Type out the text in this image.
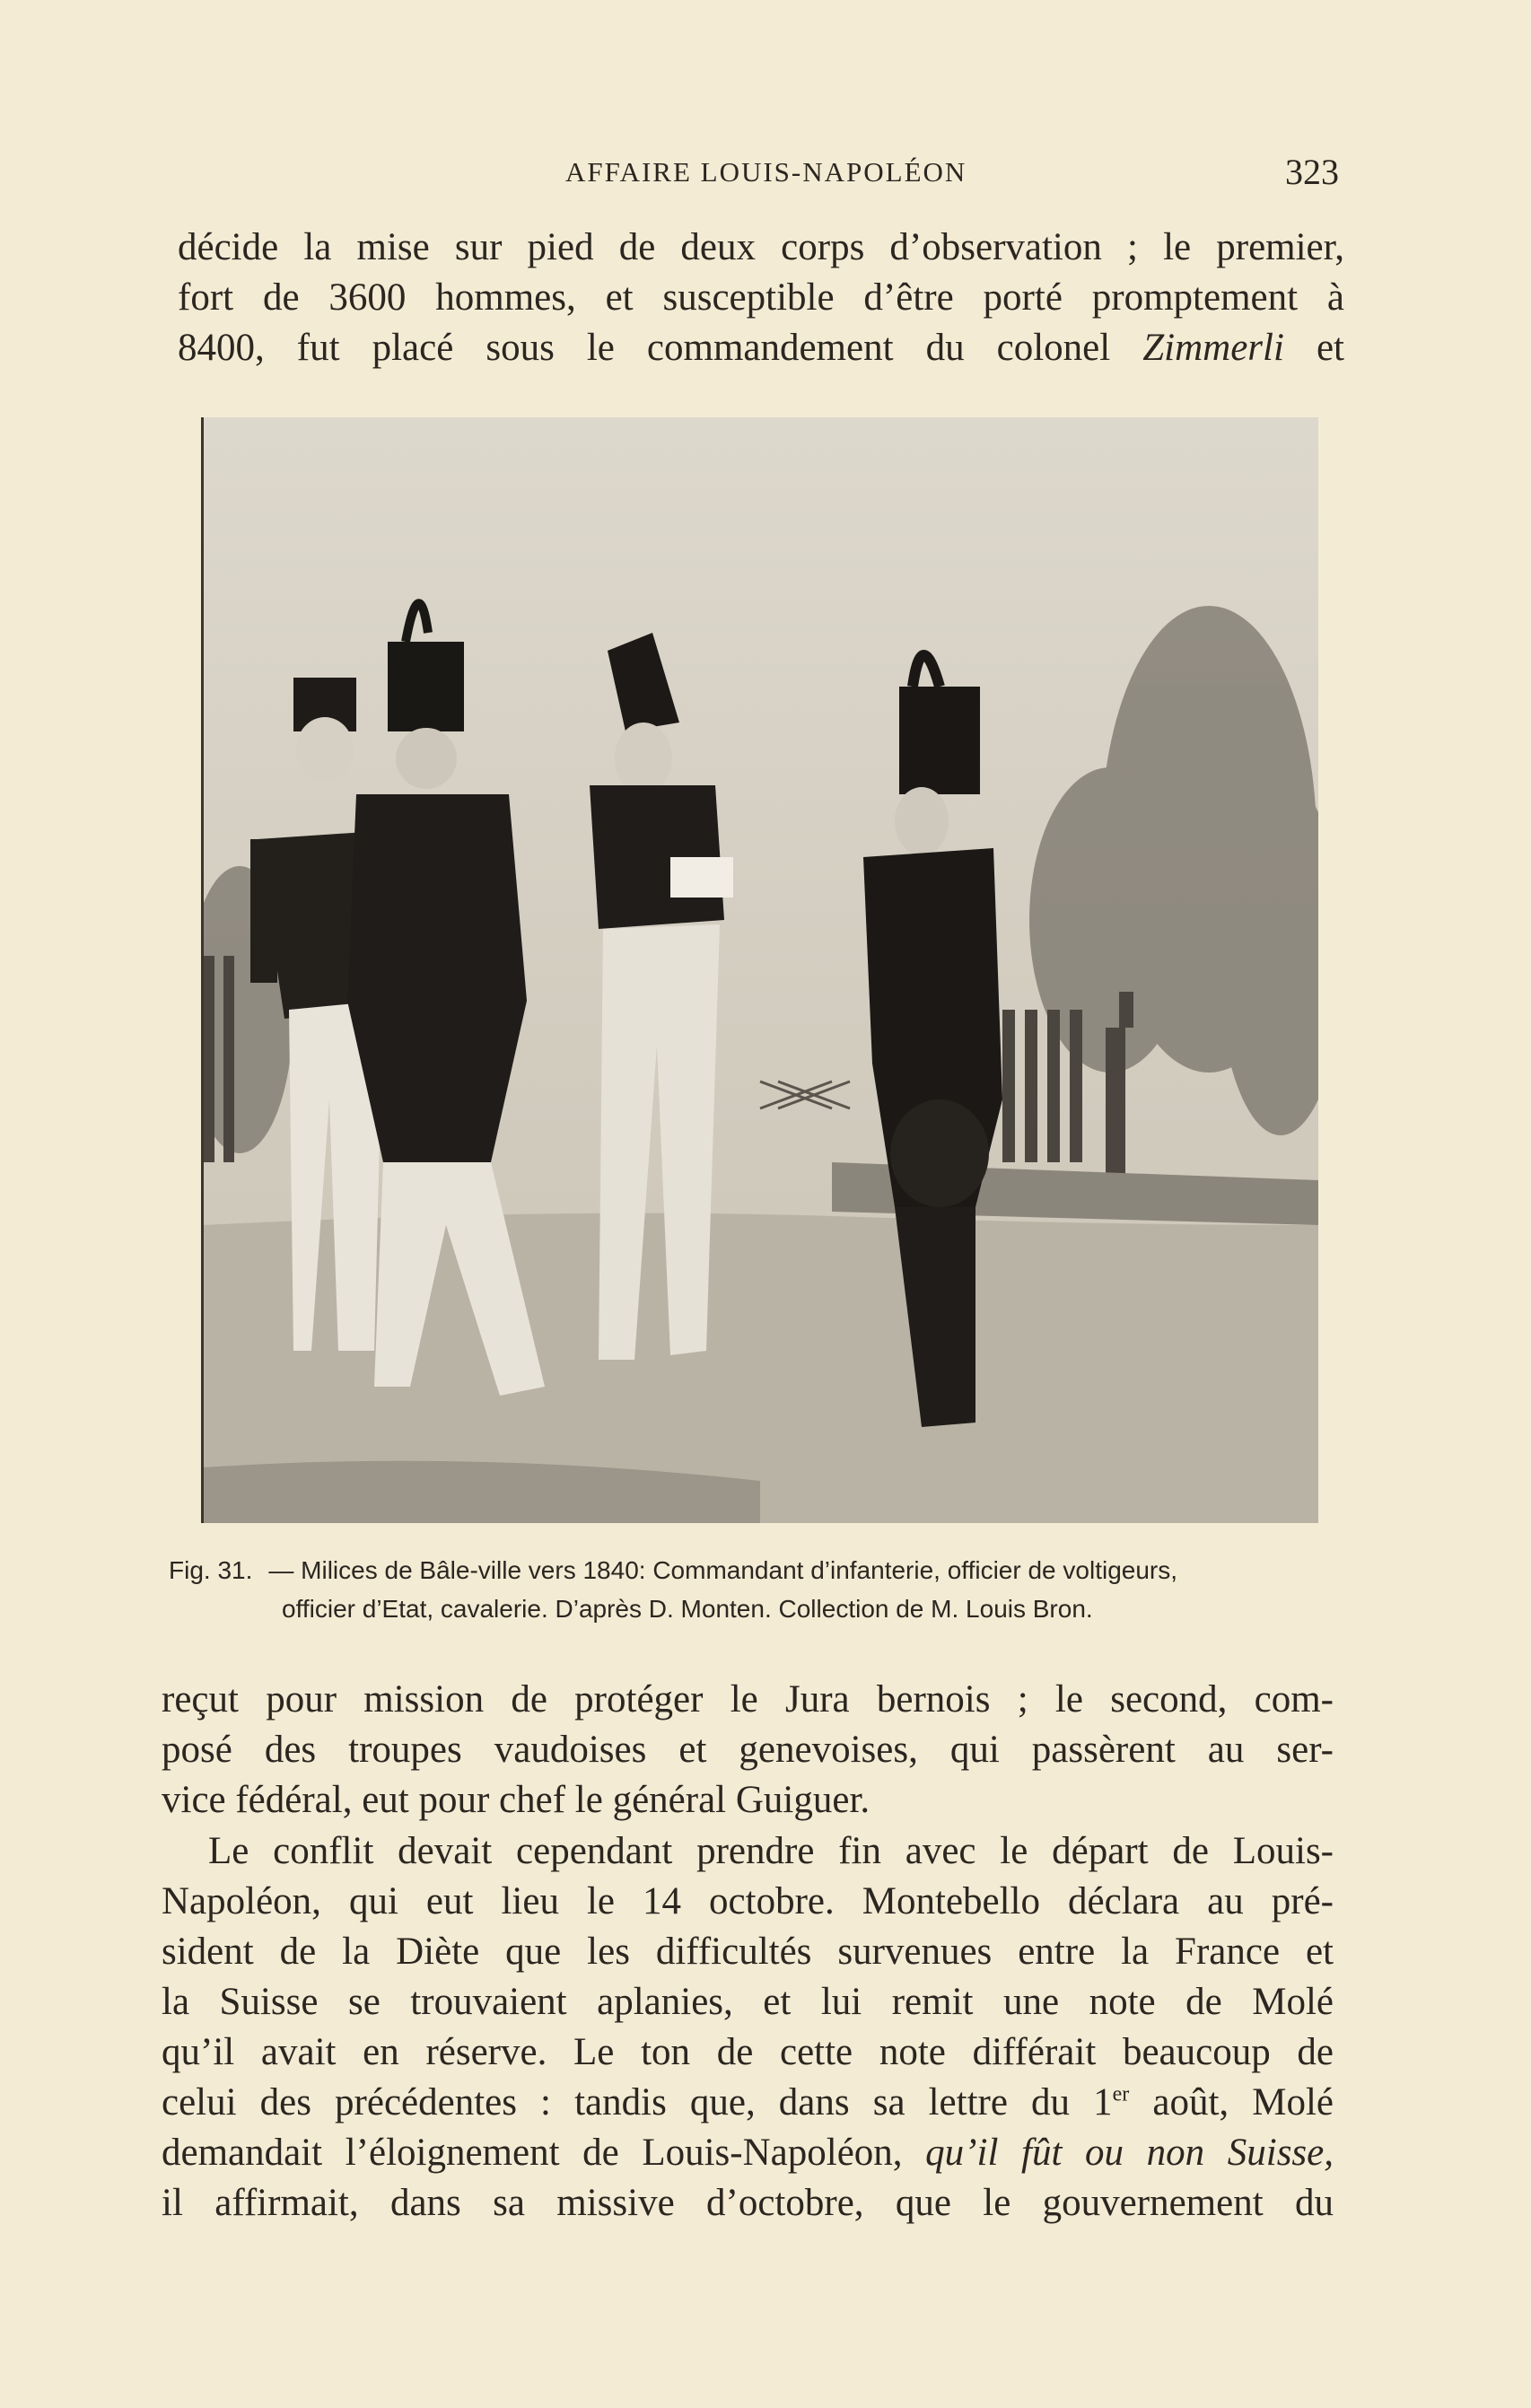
AFFAIRE LOUIS-NAPOLÉON	323
décide la mise sur pied de deux corps d’observation ; le premier,
fort de 3600 hommes, et susceptible d’être porté promptement à
8400, fut placé sous le commandement du colonel Zimmerli et
Fig. 31. — Milices de Bâle-ville vers 1840: Commandant d’infanterie, officier de voltigeurs,
officier d’Etat, cavalerie. D’après D. Monten. Collection de M. Louis Bron.
reçut pour mission de protéger le Jura bernois ; le second, com-
posé des troupes vaudoises et genevoises, qui passèrent au ser-
vice fédéral, eut pour chef le général Guiguer.
Le conflit devait cependant prendre fin avec le départ de Louis-
Napoléon, qui eut lieu le 14 octobre. Montebello déclara au pré-
sident de la Diète que les difficultés survenues entre la France et
la Suisse se trouvaient aplanies, et lui remit une note de Molé
qu’il avait en réserve. Le ton de cette note différait beaucoup de
celui des précédentes : tandis que, dans sa lettre du 1er août, Molé
demandait l’éloignement de Louis-Napoléon, qu’il fût ou non Suisse,
il affirmait, dans sa missive d’octobre, que le gouvernement du
